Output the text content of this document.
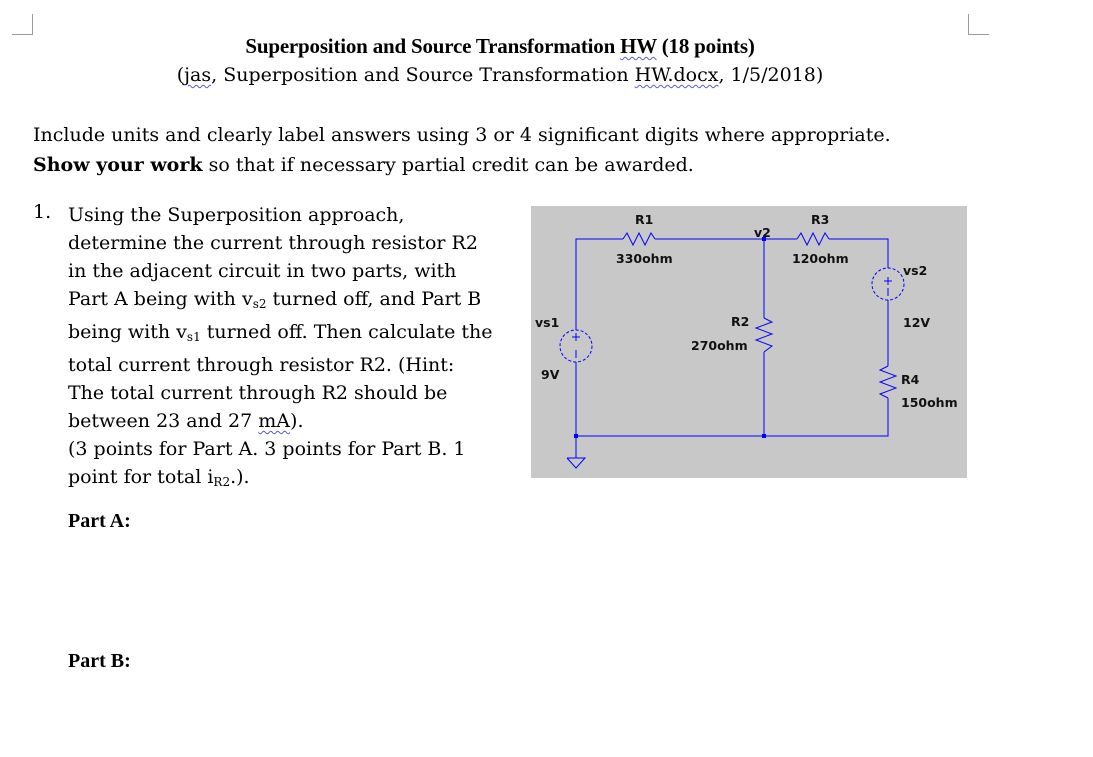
Superposition and Source Transformation HW (18 points)
(jas, Superposition and Source Transformation HW.docx, 1/5/2018)
Include units and clearly label answers using 3 or 4 significant digits where appropriate.
Show your work so that if necessary partial credit can be awarded.
1. Using the Superposition approach,
determine the current through resistor R2
in the adjacent circuit in two parts, with
Part A being with $v_{s2}$ turned off, and Part B
being with $v_{s1}$ turned off. Then calculate the
total current through resistor R2. (Hint:
The total current through R2 should be
between 23 and 27 mA).
(3 points for Part A. 3 points for Part B. 1
point for total $i_{R2}$.).
Part A:
Part B:
R1
330ohm
v2
R3
120ohm
vs2
12V
vs1
9V
R2
270ohm
R4
150ohm
